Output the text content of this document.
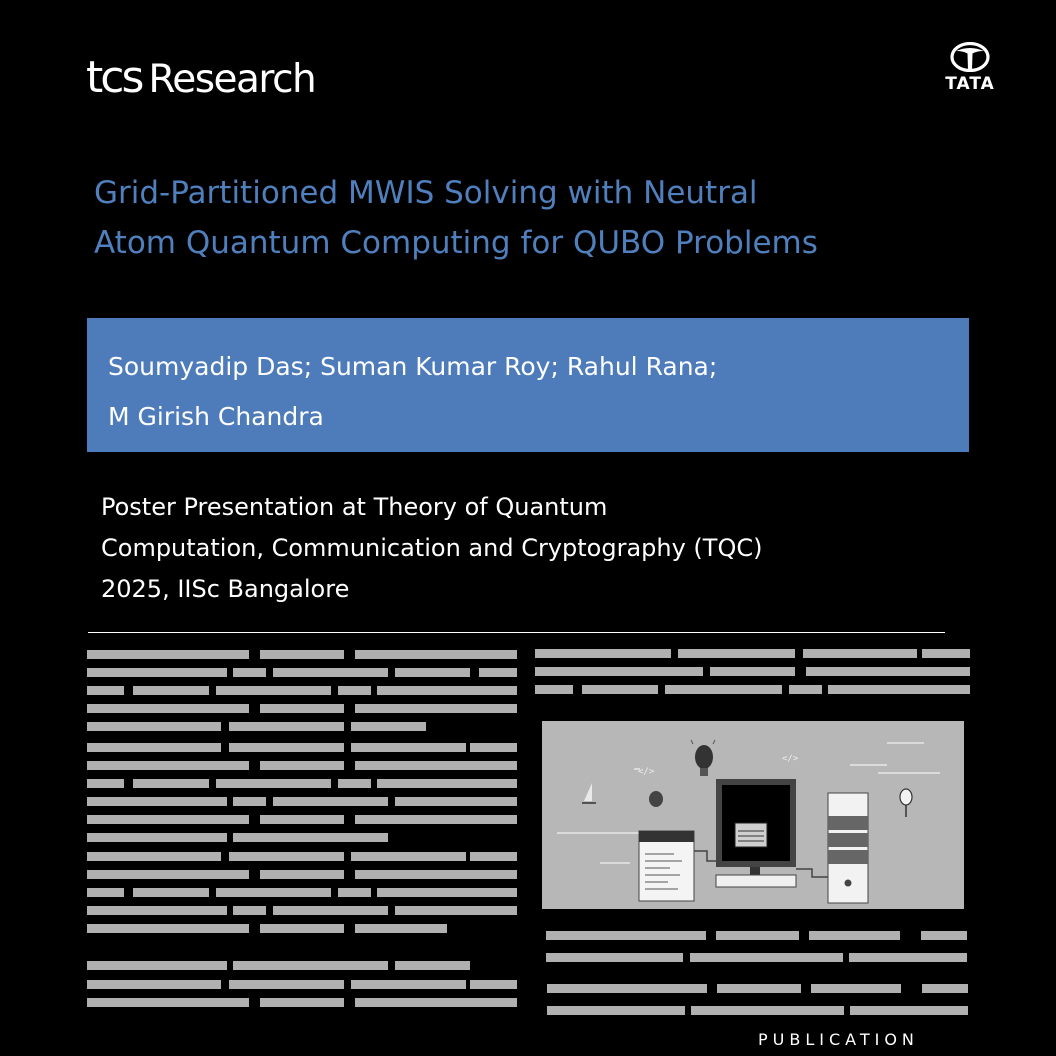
tcs Research	TATA
Grid-Partitioned MWIS Solving with Neutral
Atom Quantum Computing for QUBO Problems

Soumyadip Das; Suman Kumar Roy; Rahul Rana;

M Girish Chandra

Poster Presentation at Theory of Quantum
Computation, Communication and Cryptography (TQC)
2025, IISc Bangalore

</>
</>
PUBLICATION
